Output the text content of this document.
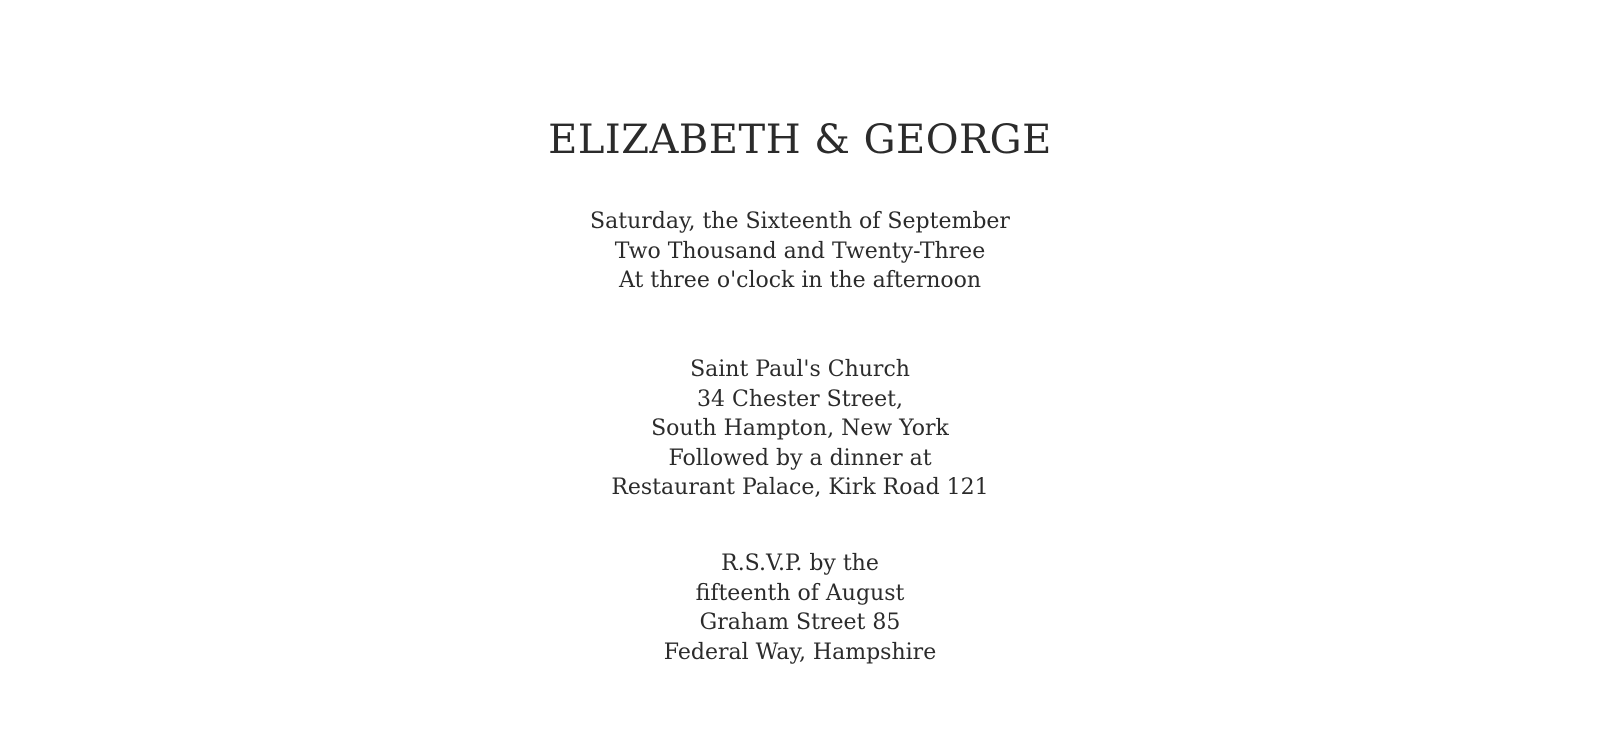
ELIZABETH & GEORGE
Saturday, the Sixteenth of September
Two Thousand and Twenty-Three
At three o'clock in the afternoon
Saint Paul's Church
34 Chester Street,
South Hampton, New York
Followed by a dinner at
Restaurant Palace, Kirk Road 121
R.S.V.P. by the
fifteenth of August
Graham Street 85
Federal Way, Hampshire
